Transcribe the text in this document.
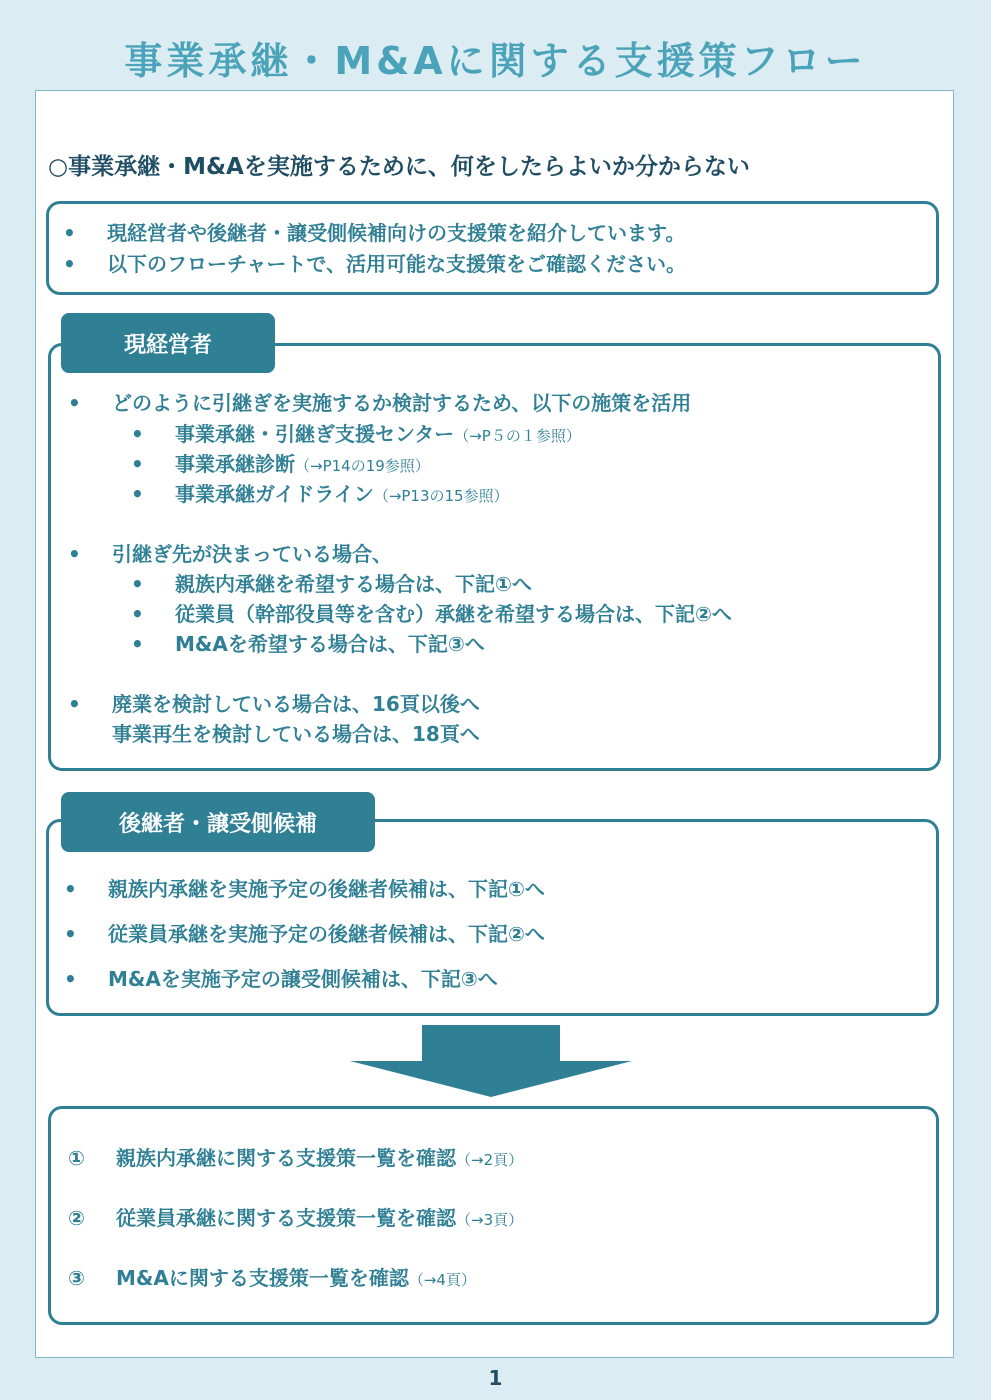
事業承継・M&Aに関する支援策フロー
○事業承継・M&Aを実施するために、何をしたらよいか分からない
• 現経営者や後継者・譲受側候補向けの支援策を紹介しています。
• 以下のフローチャートで、活用可能な支援策をご確認ください。
現経営者
• どのように引継ぎを実施するか検討するため、以下の施策を活用
• 事業承継・引継ぎ支援センター（→P５の１参照）
• 事業承継診断（→P14の19参照）
• 事業承継ガイドライン（→P13の15参照）
• 引継ぎ先が決まっている場合、
• 親族内承継を希望する場合は、下記①へ
• 従業員（幹部役員等を含む）承継を希望する場合は、下記②へ
• M&Aを希望する場合は、下記③へ
• 廃業を検討している場合は、16頁以後へ
事業再生を検討している場合は、18頁へ
後継者・譲受側候補
• 親族内承継を実施予定の後継者候補は、下記①へ
• 従業員承継を実施予定の後継者候補は、下記②へ
• M&Aを実施予定の譲受側候補は、下記③へ
① 親族内承継に関する支援策一覧を確認（→2頁）
② 従業員承継に関する支援策一覧を確認（→3頁）
③ M&Aに関する支援策一覧を確認（→4頁）
1
